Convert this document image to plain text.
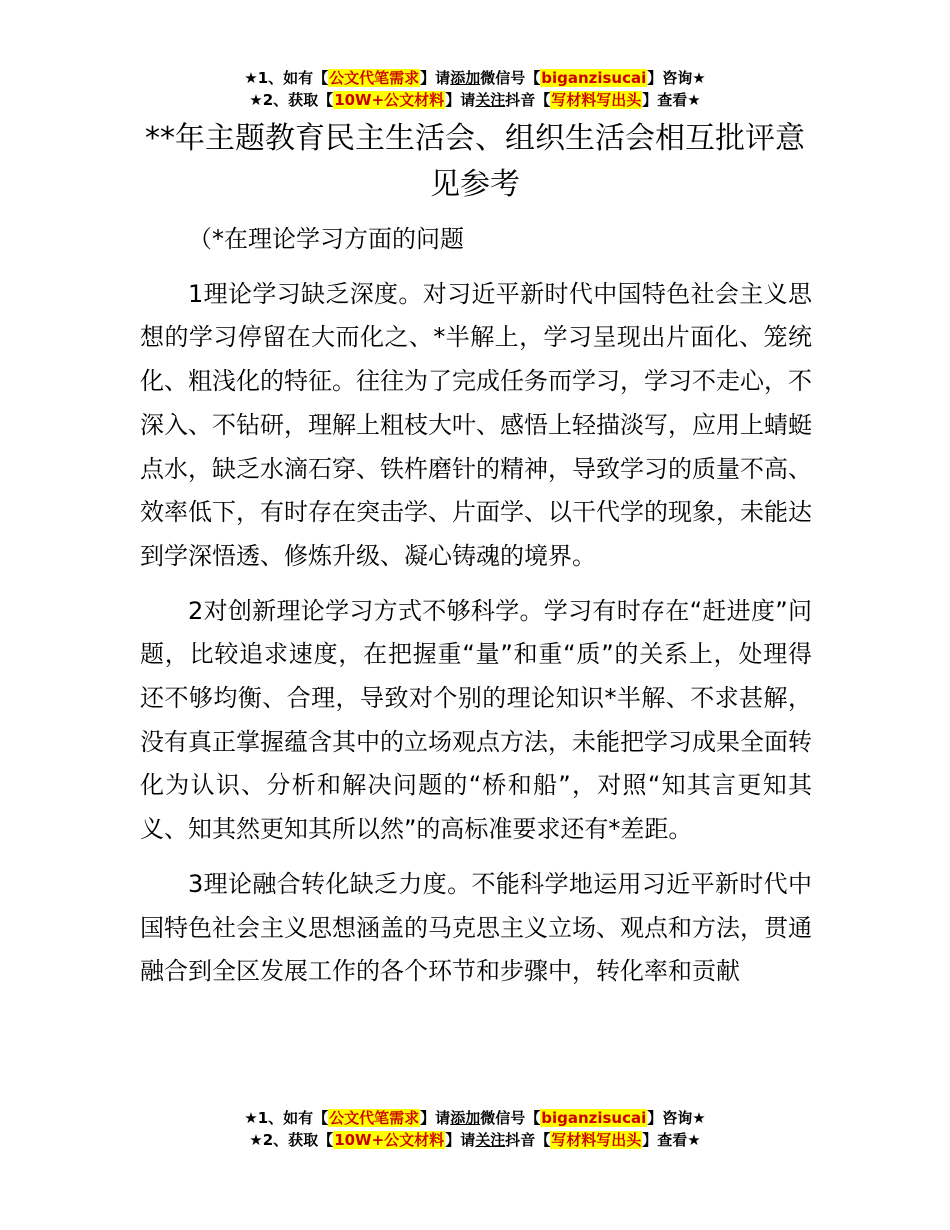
★1、如有【公文代笔需求】请添加微信号【biganzisucai】咨询★
★2、获取【10W+公文材料】请关注抖音【写材料写出头】查看★
**年主题教育民主生活会、组织生活会相互批评意见参考

（*在理论学习方面的问题

1理论学习缺乏深度。对习近平新时代中国特色社会主义思想的学习停留在大而化之、*半解上，学习呈现出片面化、笼统化、粗浅化的特征。往往为了完成任务而学习，学习不走心，不深入、不钻研，理解上粗枝大叶、感悟上轻描淡写，应用上蜻蜓点水，缺乏水滴石穿、铁杵磨针的精神，导致学习的质量不高、效率低下，有时存在突击学、片面学、以干代学的现象，未能达到学深悟透、修炼升级、凝心铸魂的境界。

2对创新理论学习方式不够科学。学习有时存在“赶进度”问题，比较追求速度，在把握重“量”和重“质”的关系上，处理得还不够均衡、合理，导致对个别的理论知识*半解、不求甚解，没有真正掌握蕴含其中的立场观点方法，未能把学习成果全面转化为认识、分析和解决问题的“桥和船”，对照“知其言更知其义、知其然更知其所以然”的高标准要求还有*差距。

3理论融合转化缺乏力度。不能科学地运用习近平新时代中国特色社会主义思想涵盖的马克思主义立场、观点和方法，贯通融合到全区发展工作的各个环节和步骤中，转化率和贡献

★1、如有【公文代笔需求】请添加微信号【biganzisucai】咨询★
★2、获取【10W+公文材料】请关注抖音【写材料写出头】查看★
